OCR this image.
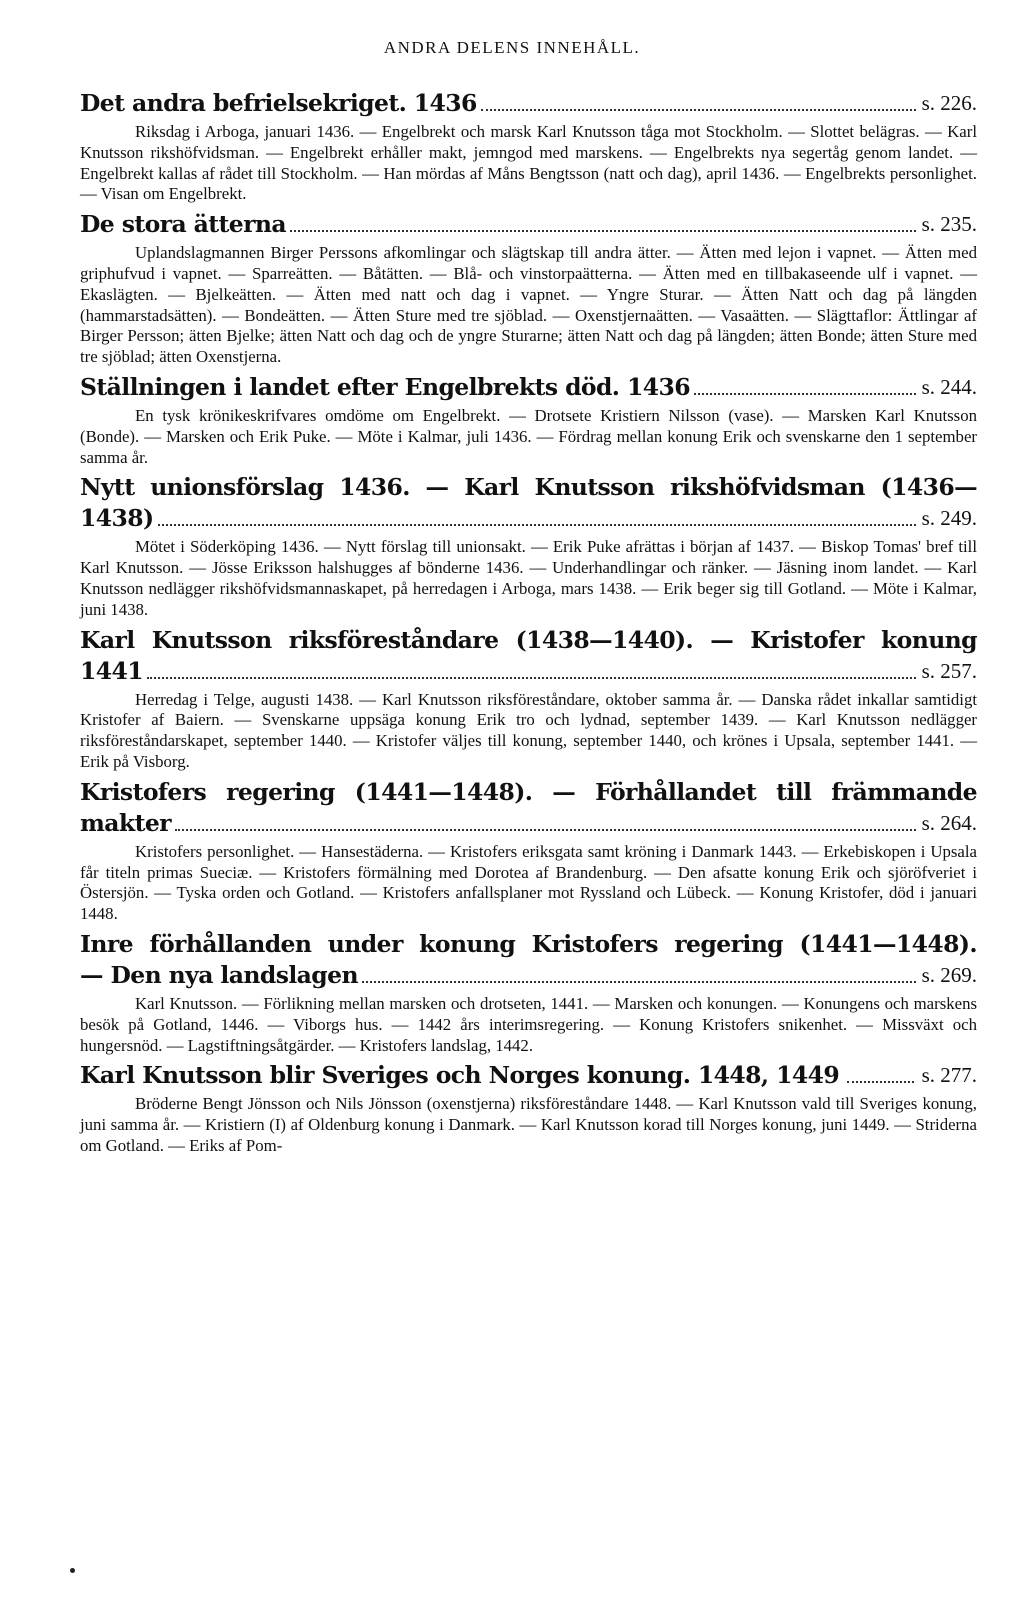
ANDRA DELENS INNEHÅLL.
Det andra befrielsekriget. 1436	s. 226.

Riksdag i Arboga, januari 1436. — Engelbrekt och marsk Karl Knutsson tåga mot Stockholm. — Slottet belägras. — Karl Knutsson rikshöfvidsman. — Engelbrekt erhåller makt, jemngod med marskens. — Engelbrekts nya segertåg genom landet. — Engelbrekt kallas af rådet till Stockholm. — Han mördas af Måns Bengtsson (natt och dag), april 1436. — Engelbrekts personlighet. — Visan om Engelbrekt.

De stora ätterna	s. 235.

Uplandslagmannen Birger Perssons afkomlingar och slägtskap till andra ätter. — Ätten med lejon i vapnet. — Ätten med griphufvud i vapnet. — Sparreätten. — Båtätten. — Blå- och vinstorpaätterna. — Ätten med en tillbakaseende ulf i vapnet. — Ekaslägten. — Bjelkeätten. — Ätten med natt och dag i vapnet. — Yngre Sturar. — Ätten Natt och dag på längden (hammarstadsätten). — Bondeätten. — Ätten Sture med tre sjöblad. — Oxenstjernaätten. — Vasaätten. — Slägttaflor: Ättlingar af Birger Persson; ätten Bjelke; ätten Natt och dag och de yngre Sturarne; ätten Natt och dag på längden; ätten Bonde; ätten Sture med tre sjöblad; ätten Oxenstjerna.

Ställningen i landet efter Engelbrekts död. 1436	s. 244.

En tysk krönikeskrifvares omdöme om Engelbrekt. — Drotsete Kristiern Nilsson (vase). — Marsken Karl Knutsson (Bonde). — Marsken och Erik Puke. — Möte i Kalmar, juli 1436. — Fördrag mellan konung Erik och svenskarne den 1 september samma år.

Nytt unionsförslag 1436. — Karl Knutsson rikshöfvidsman (1436—
1438)	s. 249.

Mötet i Söderköping 1436. — Nytt förslag till unionsakt. — Erik Puke afrättas i början af 1437. — Biskop Tomas' bref till Karl Knutsson. — Jösse Eriksson halshugges af bönderne 1436. — Underhandlingar och ränker. — Jäsning inom landet. — Karl Knutsson nedlägger rikshöfvidsmannaskapet, på herredagen i Arboga, mars 1438. — Erik beger sig till Gotland. — Möte i Kalmar, juni 1438.

Karl Knutsson riksföreståndare (1438—1440). — Kristofer konung
1441	s. 257.

Herredag i Telge, augusti 1438. — Karl Knutsson riksföreståndare, oktober samma år. — Danska rådet inkallar samtidigt Kristofer af Baiern. — Svenskarne uppsäga konung Erik tro och lydnad, september 1439. — Karl Knutsson nedlägger riksföreståndarskapet, september 1440. — Kristofer väljes till konung, september 1440, och krönes i Upsala, september 1441. — Erik på Visborg.

Kristofers regering (1441—1448). — Förhållandet till främmande
makter	s. 264.

Kristofers personlighet. — Hansestäderna. — Kristofers eriksgata samt kröning i Danmark 1443. — Erkebiskopen i Upsala får titeln primas Sueciæ. — Kristofers förmälning med Dorotea af Brandenburg. — Den afsatte konung Erik och sjöröfveriet i Östersjön. — Tyska orden och Gotland. — Kristofers anfallsplaner mot Ryssland och Lübeck. — Konung Kristofer, död i januari 1448.

Inre förhållanden under konung Kristofers regering (1441—1448).
— Den nya landslagen	s. 269.

Karl Knutsson. — Förlikning mellan marsken och drotseten, 1441. — Marsken och konungen. — Konungens och marskens besök på Gotland, 1446. — Viborgs hus. — 1442 års interimsregering. — Konung Kristofers snikenhet. — Missväxt och hungersnöd. — Lagstiftningsåtgärder. — Kristofers landslag, 1442.

Karl Knutsson blir Sveriges och Norges konung. 1448, 1449	s. 277.

Bröderne Bengt Jönsson och Nils Jönsson (oxenstjerna) riksföreståndare 1448. — Karl Knutsson vald till Sveriges konung, juni samma år. — Kristiern (I) af Oldenburg konung i Danmark. — Karl Knutsson korad till Norges konung, juni 1449. — Striderna om Gotland. — Eriks af Pom-
